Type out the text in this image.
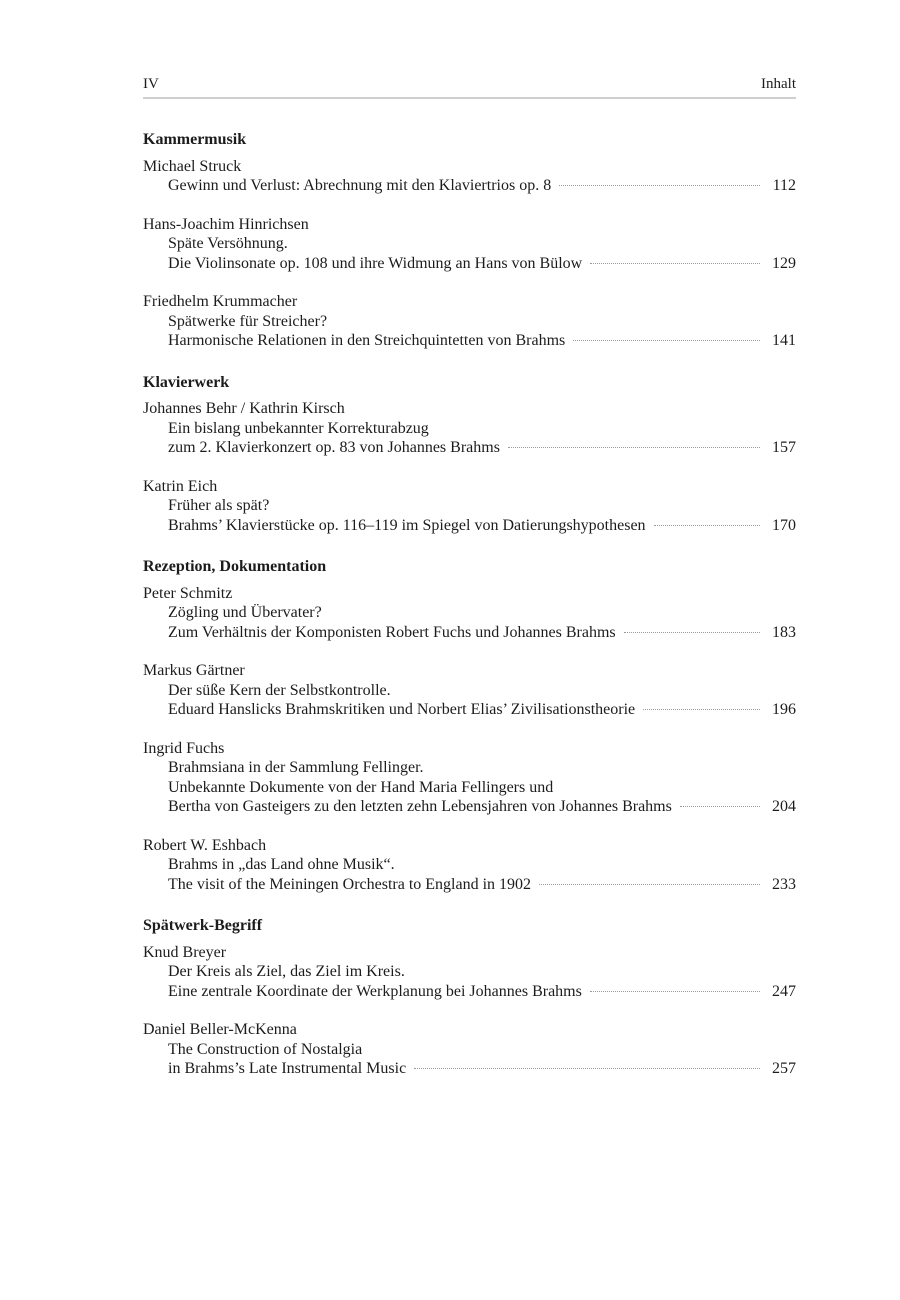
IV	Inhalt
Kammermusik
Michael Struck
Gewinn und Verlust: Abrechnung mit den Klaviertrios op. 8	112
Hans-Joachim Hinrichsen
Späte Versöhnung.
Die Violinsonate op. 108 und ihre Widmung an Hans von Bülow	129
Friedhelm Krummacher
Spätwerke für Streicher?
Harmonische Relationen in den Streichquintetten von Brahms	141
Klavierwerk
Johannes Behr / Kathrin Kirsch
Ein bislang unbekannter Korrekturabzug
zum 2. Klavierkonzert op. 83 von Johannes Brahms	157
Katrin Eich
Früher als spät?
Brahms’ Klavierstücke op. 116–119 im Spiegel von Datierungshypothesen	170
Rezeption, Dokumentation
Peter Schmitz
Zögling und Übervater?
Zum Verhältnis der Komponisten Robert Fuchs und Johannes Brahms	183
Markus Gärtner
Der süße Kern der Selbstkontrolle.
Eduard Hanslicks Brahmskritiken und Norbert Elias’ Zivilisationstheorie	196
Ingrid Fuchs
Brahmsiana in der Sammlung Fellinger.
Unbekannte Dokumente von der Hand Maria Fellingers und
Bertha von Gasteigers zu den letzten zehn Lebensjahren von Johannes Brahms	204
Robert W. Eshbach
Brahms in „das Land ohne Musik“.
The visit of the Meiningen Orchestra to England in 1902	233
Spätwerk-Begriff
Knud Breyer
Der Kreis als Ziel, das Ziel im Kreis.
Eine zentrale Koordinate der Werkplanung bei Johannes Brahms	247
Daniel Beller-McKenna
The Construction of Nostalgia
in Brahms’s Late Instrumental Music	257
